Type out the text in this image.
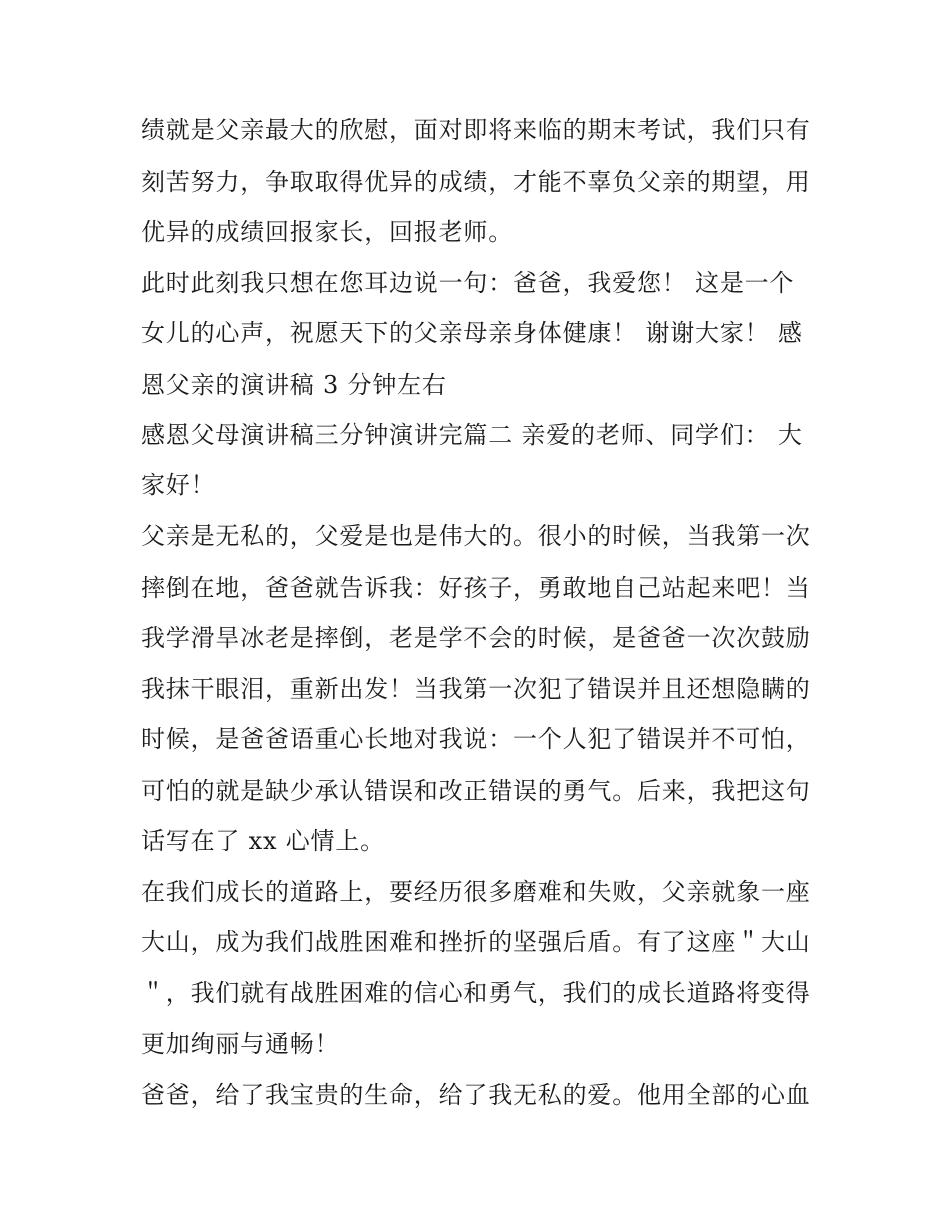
绩就是父亲最大的欣慰，面对即将来临的期末考试，我们只有
刻苦努力，争取取得优异的成绩，才能不辜负父亲的期望，用
优异的成绩回报家长，回报老师。
此时此刻我只想在您耳边说一句：爸爸，我爱您！ 这是一个
女儿的心声，祝愿天下的父亲母亲身体健康！ 谢谢大家！ 感
恩父亲的演讲稿 3 分钟左右
感恩父母演讲稿三分钟演讲完篇二 亲爱的老师、同学们： 大
家好！
父亲是无私的，父爱是也是伟大的。很小的时候，当我第一次
摔倒在地，爸爸就告诉我：好孩子，勇敢地自己站起来吧！当
我学滑旱冰老是摔倒，老是学不会的时候，是爸爸一次次鼓励
我抹干眼泪，重新出发！当我第一次犯了错误并且还想隐瞒的
时候，是爸爸语重心长地对我说：一个人犯了错误并不可怕，
可怕的就是缺少承认错误和改正错误的勇气。后来，我把这句
话写在了 xx 心情上。
在我们成长的道路上，要经历很多磨难和失败，父亲就象一座
大山，成为我们战胜困难和挫折的坚强后盾。有了这座＂大山
＂，我们就有战胜困难的信心和勇气，我们的成长道路将变得
更加绚丽与通畅！
爸爸，给了我宝贵的生命，给了我无私的爱。他用全部的心血
